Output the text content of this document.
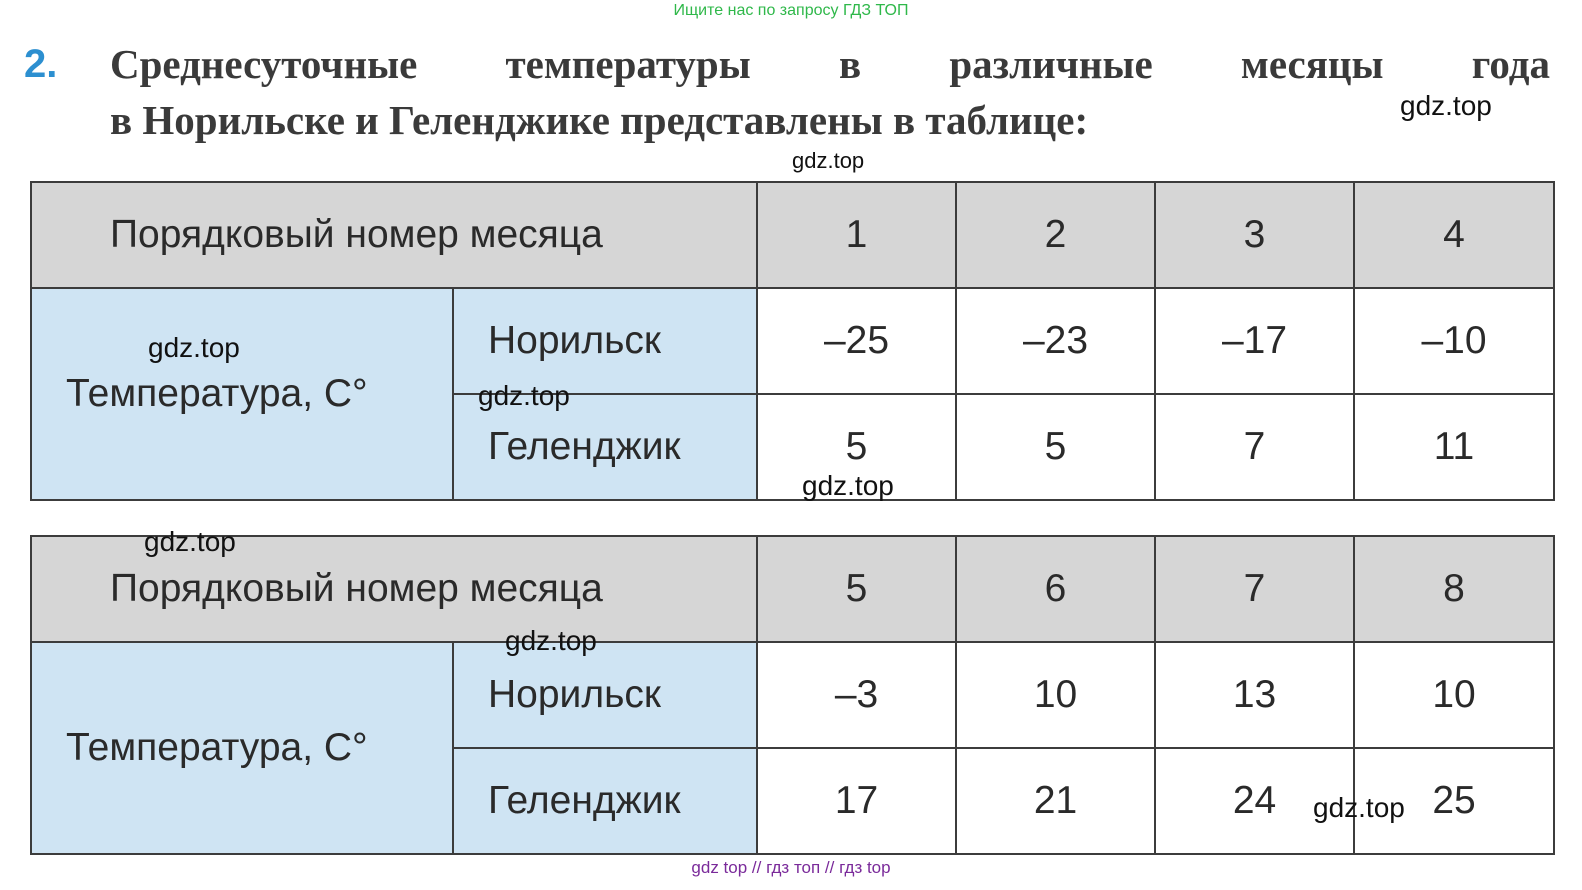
Ищите нас по запросу ГДЗ ТОП
2. Среднесуточные температуры в различные месяцы года
в Норильске и Геленджике представлены в таблице:
Порядковый номер месяца		1	2	3	4
Температура, С°	Норильск	–25	–23	–17	–10
	Геленджик	5	5	7	11
Порядковый номер месяца		5	6	7	8
Температура, С°	Норильск	–3	10	13	10
	Геленджик	17	21	24	25
gdz.top
gdz.top
gdz.top
gdz.top
gdz.top
gdz.top
gdz.top
gdz.top
gdz top // гдз топ // гдз top
